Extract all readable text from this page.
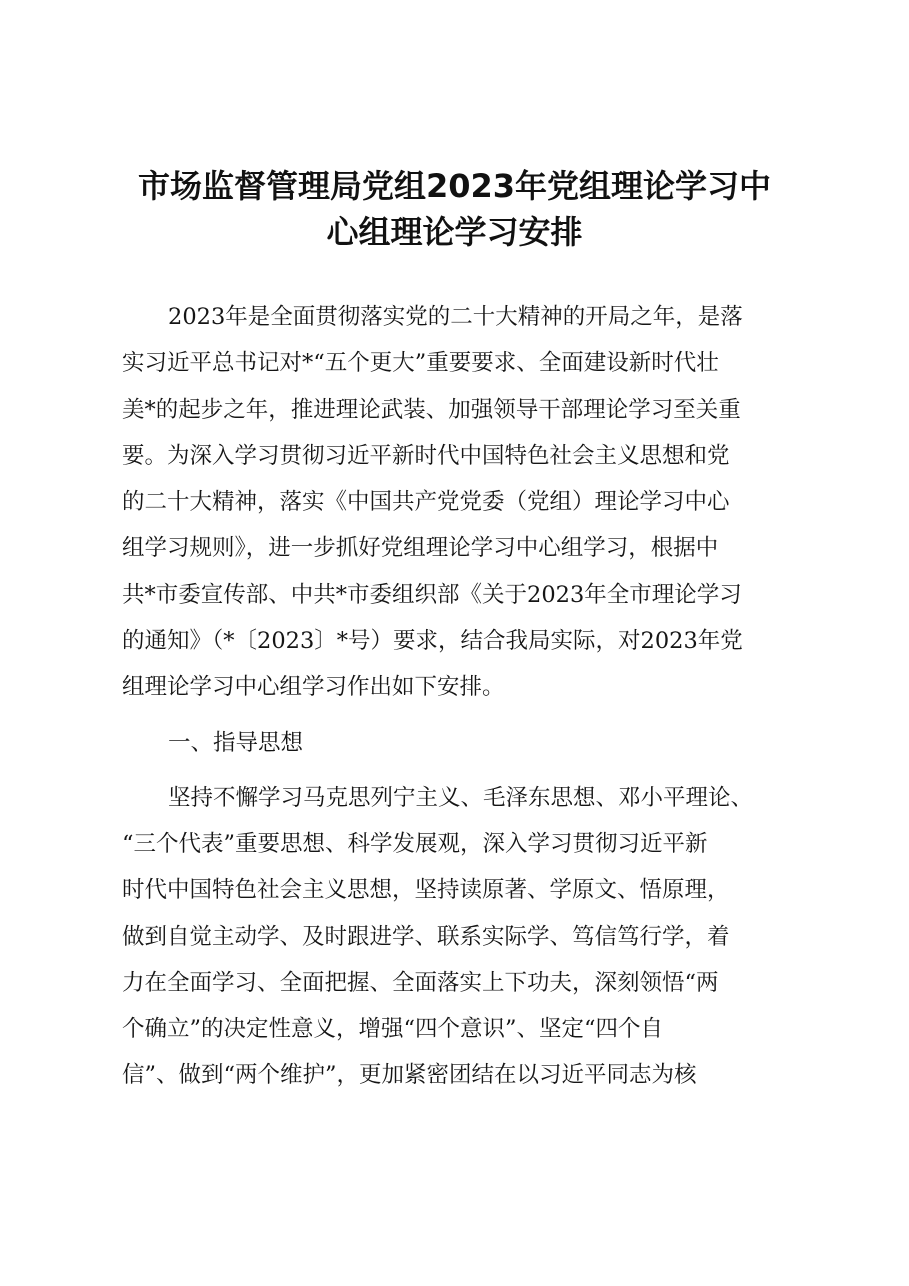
市场监督管理局党组2023年党组理论学习中
心组理论学习安排
2023年是全面贯彻落实党的二十大精神的开局之年，是落
实习近平总书记对*“五个更大”重要要求、全面建设新时代壮
美*的起步之年，推进理论武装、加强领导干部理论学习至关重
要。为深入学习贯彻习近平新时代中国特色社会主义思想和党
的二十大精神，落实《中国共产党党委（党组）理论学习中心
组学习规则》，进一步抓好党组理论学习中心组学习，根据中
共*市委宣传部、中共*市委组织部《关于2023年全市理论学习
的通知》（*〔2023〕*号）要求，结合我局实际，对2023年党
组理论学习中心组学习作出如下安排。
一、指导思想
坚持不懈学习马克思列宁主义、毛泽东思想、邓小平理论、
“三个代表”重要思想、科学发展观，深入学习贯彻习近平新
时代中国特色社会主义思想，坚持读原著、学原文、悟原理，
做到自觉主动学、及时跟进学、联系实际学、笃信笃行学，着
力在全面学习、全面把握、全面落实上下功夫，深刻领悟“两
个确立”的决定性意义，增强“四个意识”、坚定“四个自
信”、做到“两个维护”，更加紧密团结在以习近平同志为核
